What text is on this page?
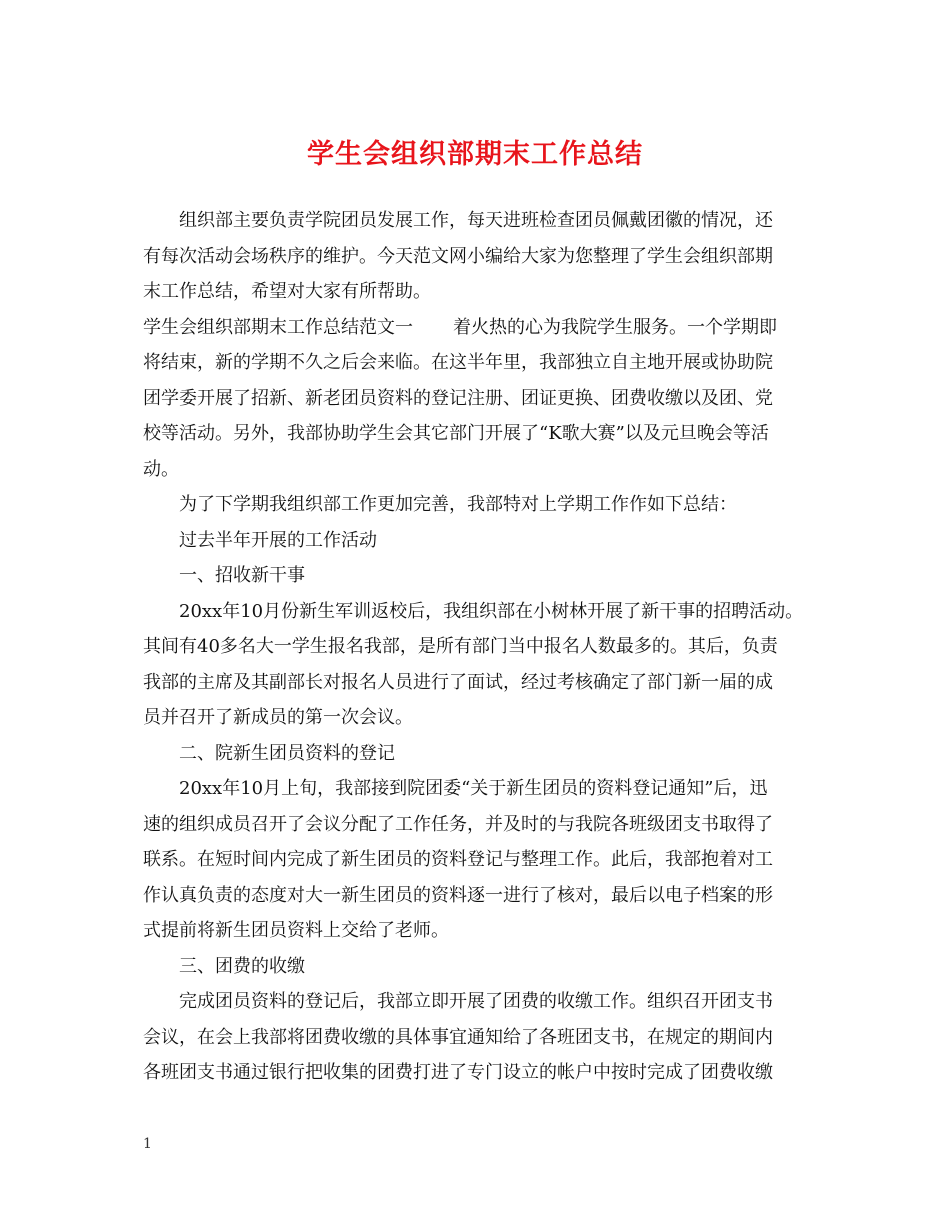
学生会组织部期末工作总结

组织部主要负责学院团员发展工作，每天进班检查团员佩戴团徽的情况，还

有每次活动会场秩序的维护。今天范文网小编给大家为您整理了学生会组织部期

末工作总结，希望对大家有所帮助。

学生会组织部期末工作总结范文一 着火热的心为我院学生服务。一个学期即

将结束，新的学期不久之后会来临。在这半年里，我部独立自主地开展或协助院

团学委开展了招新、新老团员资料的登记注册、团证更换、团费收缴以及团、党

校等活动。另外，我部协助学生会其它部门开展了“K歌大赛”以及元旦晚会等活

动。

为了下学期我组织部工作更加完善，我部特对上学期工作作如下总结：

过去半年开展的工作活动

一、招收新干事

20xx年10月份新生军训返校后，我组织部在小树林开展了新干事的招聘活动。

其间有40多名大一学生报名我部，是所有部门当中报名人数最多的。其后，负责

我部的主席及其副部长对报名人员进行了面试，经过考核确定了部门新一届的成

员并召开了新成员的第一次会议。

二、院新生团员资料的登记

20xx年10月上旬，我部接到院团委“关于新生团员的资料登记通知”后，迅

速的组织成员召开了会议分配了工作任务，并及时的与我院各班级团支书取得了

联系。在短时间内完成了新生团员的资料登记与整理工作。此后，我部抱着对工

作认真负责的态度对大一新生团员的资料逐一进行了核对，最后以电子档案的形

式提前将新生团员资料上交给了老师。

三、团费的收缴

完成团员资料的登记后，我部立即开展了团费的收缴工作。组织召开团支书

会议，在会上我部将团费收缴的具体事宜通知给了各班团支书，在规定的期间内

各班团支书通过银行把收集的团费打进了专门设立的帐户中按时完成了团费收缴

1
